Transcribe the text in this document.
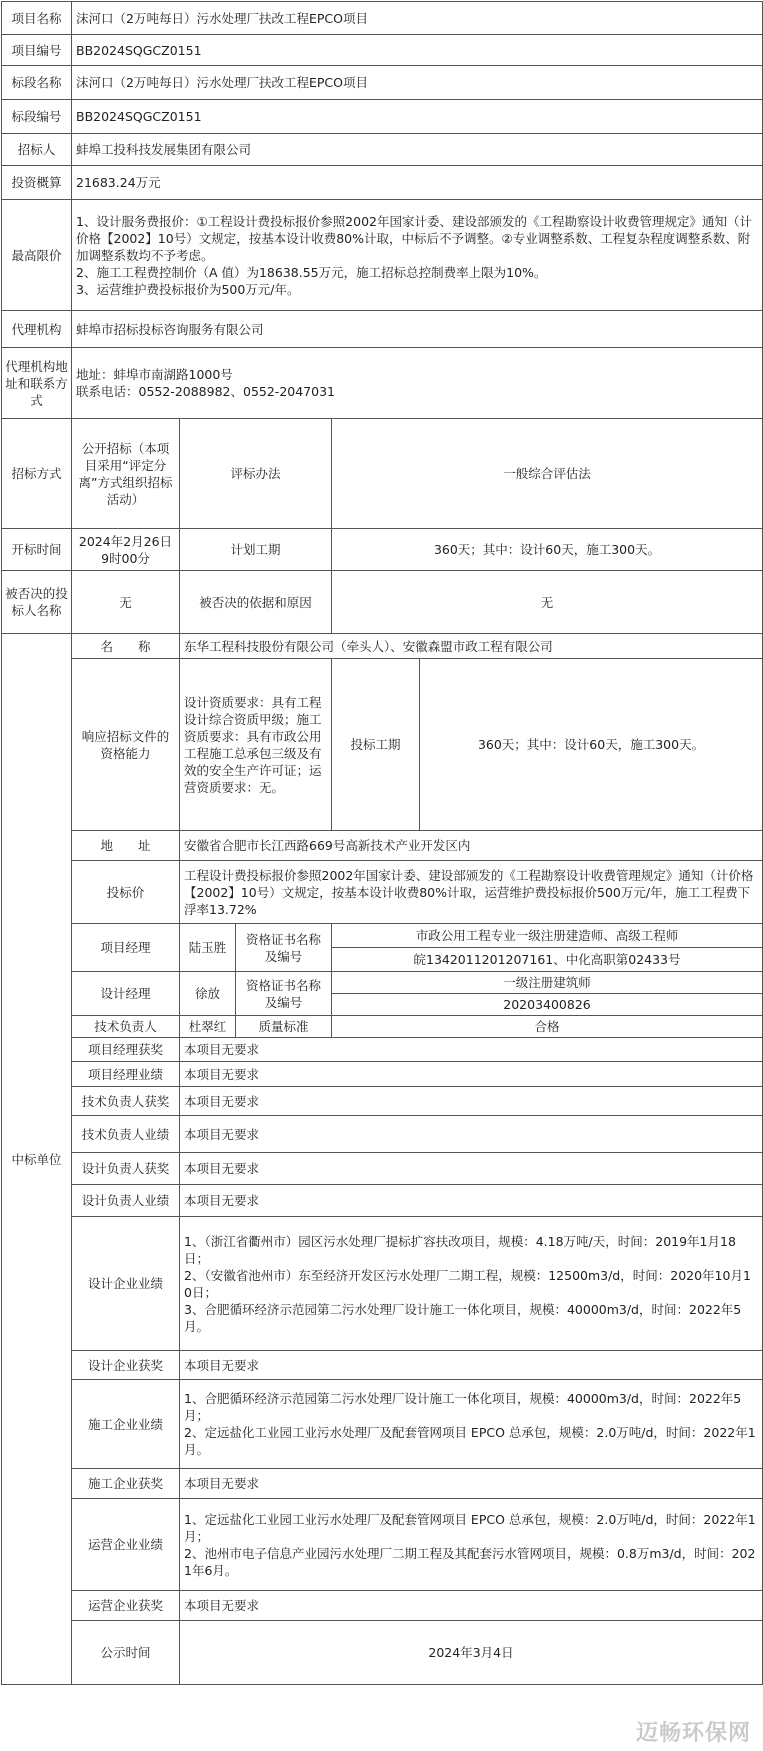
项目名称	沫河口（2万吨每日）污水处理厂扶改工程EPCO项目				
项目编号	BB2024SQGCZ0151				
标段名称	沫河口（2万吨每日）污水处理厂扶改工程EPCO项目				
标段编号	BB2024SQGCZ0151				
招标人	蚌埠工投科技发展集团有限公司				
投资概算	21683.24万元				
最高限价	1、设计服务费报价：①工程设计费投标报价参照2002年国家计委、建设部颁发的《工程勘察设计收费管理规定》通知（计价格【2002】10号）文规定，按基本设计收费80%计取，中标后不予调整。②专业调整系数、工程复杂程度调整系数、附加调整系数均不予考虑。
2、施工工程费控制价（A 值）为18638.55万元，施工招标总控制费率上限为10%。
3、运营维护费投标报价为500万元/年。				

代理机构	蚌埠市招标投标咨询服务有限公司				
代理机构地址和联系方式	地址：蚌埠市南湖路1000号
联系电话：0552-2088982、0552-2047031				

招标方式	公开招标（本项目采用“评定分离”方式组织招标活动）	评标办法		一般综合评估法	
开标时间	2024年2月26日9时00分	计划工期		360天；其中：设计60天，施工300天。	
被否决的投标人名称	无	被否决的依据和原因		无	
中标单位	名　　称	东华工程科技股份有限公司（牵头人）、安徽森盟市政工程有限公司			
	响应招标文件的资格能力	设计资质要求：具有工程设计综合资质甲级；施工资质要求：具有市政公用工程施工总承包三级及有效的安全生产许可证；运营资质要求：无。		投标工期	360天；其中：设计60天，施工300天。
	地　　址	安徽省合肥市长江西路669号高新技术产业开发区内			
	投标价	工程设计费投标报价参照2002年国家计委、建设部颁发的《工程勘察设计收费管理规定》通知（计价格【2002】10号）文规定，按基本设计收费80%计取，运营维护费投标报价500万元/年，施工工程费下浮率13.72%			
	项目经理	陆玉胜	资格证书名称及编号	市政公用工程专业一级注册建造师、高级工程师	
				皖1342011201207161、中化高职第02433号	
	设计经理	徐放	资格证书名称及编号	一级注册建筑师	
				20203400826	
	技术负责人	杜翠红	质量标准	合格	
	项目经理获奖	本项目无要求			
	项目经理业绩	本项目无要求			
	技术负责人获奖	本项目无要求			
	技术负责人业绩	本项目无要求			
	设计负责人获奖	本项目无要求			
	设计负责人业绩	本项目无要求			
	设计企业业绩	1、（浙江省衢州市）园区污水处理厂提标扩容扶改项目，规模：4.18万吨/天，时间：2019年1月18日；
2、（安徽省池州市）东至经济开发区污水处理厂二期工程，规模：12500m3/d，时间：2020年10月10日；
3、合肥循环经济示范园第二污水处理厂设计施工一体化项目，规模：40000m3/d，时间：2022年5月。			

	设计企业获奖	本项目无要求			
	施工企业业绩	1、合肥循环经济示范园第二污水处理厂设计施工一体化项目，规模：40000m3/d，时间：2022年5月；
2、定远盐化工业园工业污水处理厂及配套管网项目 EPCO 总承包，规模：2.0万吨/d，时间：2022年1月。			

	施工企业获奖	本项目无要求			
	运营企业业绩	1、定远盐化工业园工业污水处理厂及配套管网项目 EPCO 总承包，规模：2.0万吨/d，时间：2022年1月；
2、池州市电子信息产业园污水处理厂二期工程及其配套污水管网项目，规模：0.8万m3/d，时间：2021年6月。			

	运营企业获奖	本项目无要求			
	公示时间	2024年3月4日			
迈畅环保网
